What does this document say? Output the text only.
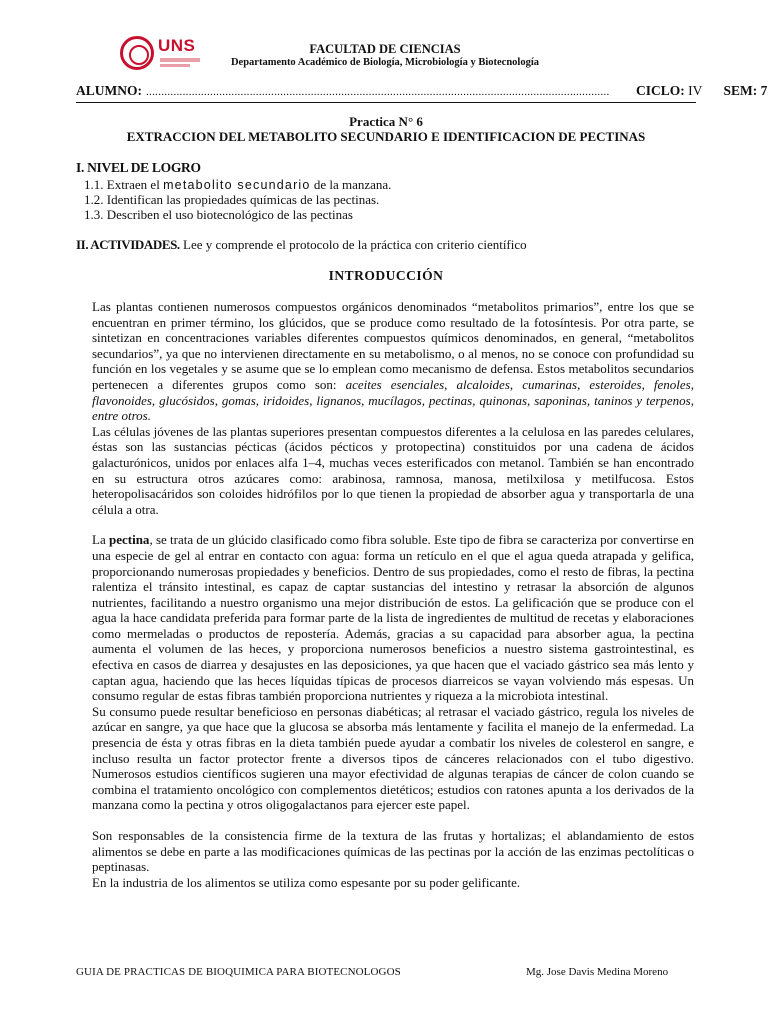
UNS	FACULTAD DE CIENCIAS
Departamento Académico de Biología, Microbiología y Biotecnología
ALUMNO: ........................................................................................................................................................	CICLO: IV SEM: 7
Practica N° 6
EXTRACCION DEL METABOLITO SECUNDARIO E IDENTIFICACION DE PECTINAS
I. NIVEL DE LOGRO
1.1. Extraen el metabolito secundario de la manzana.
1.2. Identifican las propiedades químicas de las pectinas.
1.3. Describen el uso biotecnológico de las pectinas
II. ACTIVIDADES. Lee y comprende el protocolo de la práctica con criterio científico
INTRODUCCIÓN

Las plantas contienen numerosos compuestos orgánicos denominados “metabolitos primarios”, entre los que se encuentran en primer término, los glúcidos, que se produce como resultado de la fotosíntesis. Por otra parte, se sintetizan en concentraciones variables diferentes compuestos químicos denominados, en general, “metabolitos secundarios”, ya que no intervienen directamente en su metabolismo, o al menos, no se conoce con profundidad su función en los vegetales y se asume que se lo emplean como mecanismo de defensa. Estos metabolitos secundarios pertenecen a diferentes grupos como son: aceites esenciales, alcaloides, cumarinas, esteroides, fenoles, flavonoides, glucósidos, gomas, iridoides, lignanos, mucílagos, pectinas, quinonas, saponinas, taninos y terpenos, entre otros.

Las células jóvenes de las plantas superiores presentan compuestos diferentes a la celulosa en las paredes celulares, éstas son las sustancias pécticas (ácidos pécticos y protopectina) constituidos por una cadena de ácidos galacturónicos, unidos por enlaces alfa 1–4, muchas veces esterificados con metanol. También se han encontrado en su estructura otros azúcares como: arabinosa, ramnosa, manosa, metilxilosa y metilfucosa. Estos heteropolisacáridos son coloides hidrófilos por lo que tienen la propiedad de absorber agua y transportarla de una célula a otra.

La pectina, se trata de un glúcido clasificado como fibra soluble. Este tipo de fibra se caracteriza por convertirse en una especie de gel al entrar en contacto con agua: forma un retículo en el que el agua queda atrapada y gelifica, proporcionando numerosas propiedades y beneficios. Dentro de sus propiedades, como el resto de fibras, la pectina ralentiza el tránsito intestinal, es capaz de captar sustancias del intestino y retrasar la absorción de algunos nutrientes, facilitando a nuestro organismo una mejor distribución de estos. La gelificación que se produce con el agua la hace candidata preferida para formar parte de la lista de ingredientes de multitud de recetas y elaboraciones como mermeladas o productos de repostería. Además, gracias a su capacidad para absorber agua, la pectina aumenta el volumen de las heces, y proporciona numerosos beneficios a nuestro sistema gastrointestinal, es efectiva en casos de diarrea y desajustes en las deposiciones, ya que hacen que el vaciado gástrico sea más lento y captan agua, haciendo que las heces líquidas típicas de procesos diarreicos se vayan volviendo más espesas. Un consumo regular de estas fibras también proporciona nutrientes y riqueza a la microbiota intestinal.

Su consumo puede resultar beneficioso en personas diabéticas; al retrasar el vaciado gástrico, regula los niveles de azúcar en sangre, ya que hace que la glucosa se absorba más lentamente y facilita el manejo de la enfermedad. La presencia de ésta y otras fibras en la dieta también puede ayudar a combatir los niveles de colesterol en sangre, e incluso resulta un factor protector frente a diversos tipos de cánceres relacionados con el tubo digestivo. Numerosos estudios científicos sugieren una mayor efectividad de algunas terapias de cáncer de colon cuando se combina el tratamiento oncológico con complementos dietéticos; estudios con ratones apunta a los derivados de la manzana como la pectina y otros oligogalactanos para ejercer este papel.

Son responsables de la consistencia firme de la textura de las frutas y hortalizas; el ablandamiento de estos alimentos se debe en parte a las modificaciones químicas de las pectinas por la acción de las enzimas pectolíticas o peptinasas.

En la industria de los alimentos se utiliza como espesante por su poder gelificante.

GUIA DE PRACTICAS DE BIOQUIMICA PARA BIOTECNOLOGOS	Mg. Jose Davis Medina Moreno
